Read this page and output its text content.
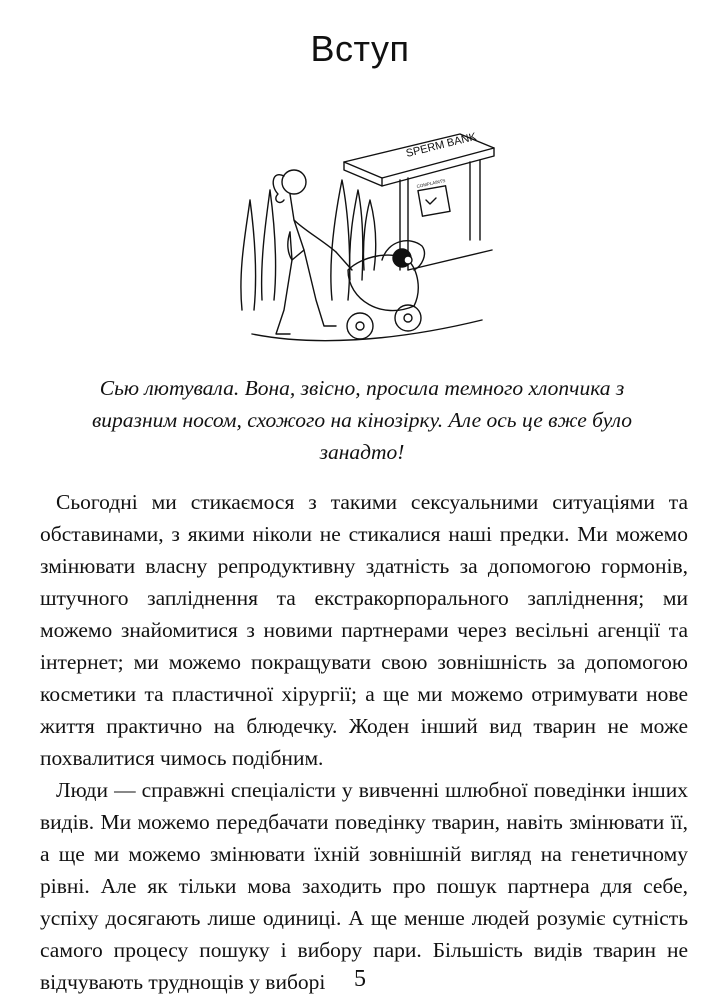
Вступ
SPERM BANK
COMPLAINTS

Сью лютувала. Вона, звісно, просила темного хлопчика з виразним носом, схожого на кінозірку. Але ось це вже було занадто!

Сьогодні ми стикаємося з такими сексуальними ситуаціями та обставинами, з якими ніколи не стикалися наші предки. Ми можемо змінювати власну репродуктивну здатність за допомогою гормонів, штучного запліднення та екстракорпорального запліднення; ми можемо знайомитися з новими партнерами через весільні агенції та інтернет; ми можемо покращувати свою зовнішність за допомогою косметики та пластичної хірургії; а ще ми можемо отримувати нове життя практично на блюдечку. Жоден інший вид тварин не може похвалитися чимось подібним.

Люди — справжні спеціалісти у вивченні шлюбної поведінки інших видів. Ми можемо передбачати поведінку тварин, навіть змінювати її, а ще ми можемо змінювати їхній зовнішній вигляд на генетичному рівні. Але як тільки мова заходить про пошук партнера для себе, успіху досягають лише одиниці. А ще менше людей розуміє сутність самого процесу пошуку і вибору пари. Більшість видів тварин не відчувають труднощів у виборі	5
